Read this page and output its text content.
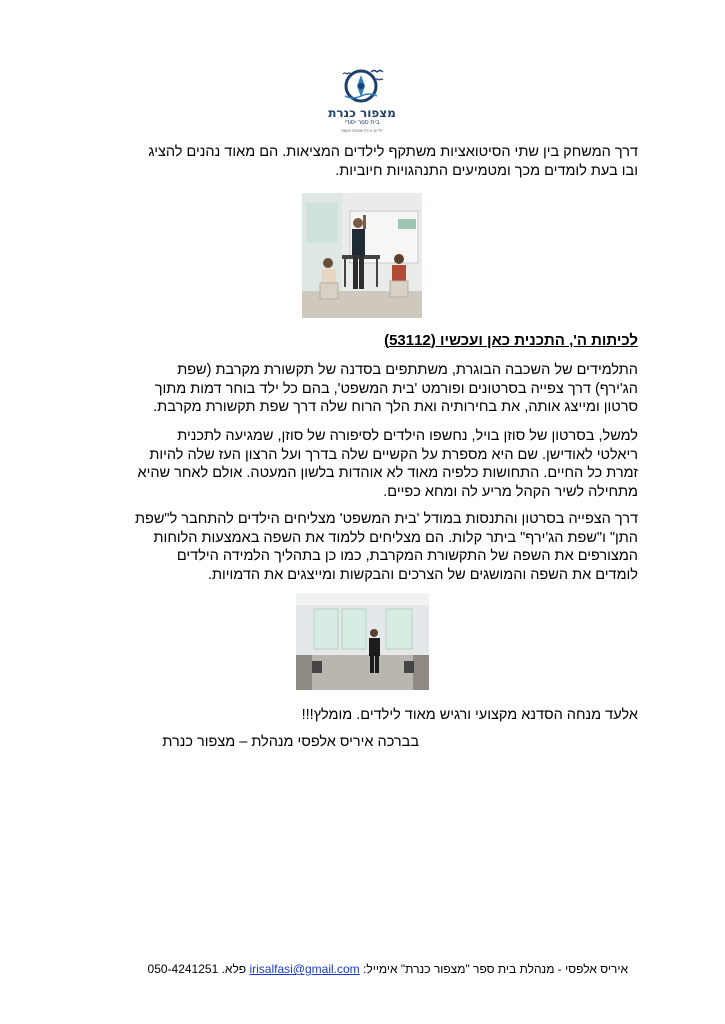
מצפור כנרת
בית ספר יסודי
ילדים יצירה שמחה ואושר
דרך המשחק בין שתי הסיטואציות משתקף לילדים המציאות. הם מאוד נהנים להציג
ובו בעת לומדים מכך ומטמיעים התנהגויות חיוביות.
לכיתות ה', התכנית כאן ועכשיו (53112)
התלמידים של השכבה הבוגרת, משתתפים בסדנה של תקשורת מקרבת (שפת
הג'ירף) דרך צפייה בסרטונים ופורמט 'בית המשפט', בהם כל ילד בוחר דמות מתוך
סרטון ומייצג אותה, את בחירותיה ואת הלך הרוח שלה דרך שפת תקשורת מקרבת.
למשל, בסרטון של סוזן בויל, נחשפו הילדים לסיפורה של סוזן, שמגיעה לתכנית
ריאלטי לאודישן. שם היא מספרת על הקשיים שלה בדרך ועל הרצון העז שלה להיות
זמרת כל החיים. התחושות כלפיה מאוד לא אוהדות בלשון המעטה. אולם לאחר שהיא
מתחילה לשיר הקהל מריע לה ומחא כפיים.
דרך הצפייה בסרטון והתנסות במודל 'בית המשפט' מצליחים הילדים להתחבר ל"שפת
התן" ו"שפת הג'ירף" ביתר קלות. הם מצליחים ללמוד את השפה באמצעות הלוחות
המצורפים את השפה של התקשורת המקרבת, כמו כן בתהליך הלמידה הילדים
לומדים את השפה והמושגים של הצרכים והבקשות ומייצגים את הדמויות.
אלעד מנחה הסדנא מקצועי ורגיש מאוד לילדים. מומלץ!!!
בברכה איריס אלפסי מנהלת – מצפור כנרת
איריס אלפסי - מנהלת בית ספר "מצפור כנרת" אימייל: irisalfasi@gmail.com פלא. 050-4241251
